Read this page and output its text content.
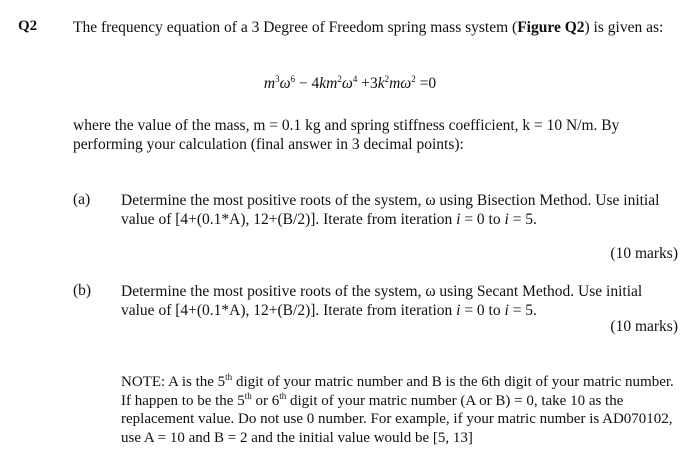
Q2 The frequency equation of a 3 Degree of Freedom spring mass system (Figure Q2) is given as:

$m^3\omega^6 - 4km^2\omega^4 +3k^2m\omega^2 =0$

where the value of the mass, m = 0.1 kg and spring stiffness coefficient, k = 10 N/m. By performing your calculation (final answer in 3 decimal points):

(a) Determine the most positive roots of the system, ω using Bisection Method. Use initial value of [4+(0.1*A), 12+(B/2)]. Iterate from iteration i = 0 to i = 5.

(10 marks)
(b) Determine the most positive roots of the system, ω using Secant Method. Use initial value of [4+(0.1*A), 12+(B/2)]. Iterate from iteration i = 0 to i = 5.

(10 marks)

NOTE: A is the 5th digit of your matric number and B is the 6th digit of your matric number. If happen to be the 5th or 6th digit of your matric number (A or B) = 0, take 10 as the replacement value. Do not use 0 number. For example, if your matric number is AD070102, use A = 10 and B = 2 and the initial value would be [5, 13]
